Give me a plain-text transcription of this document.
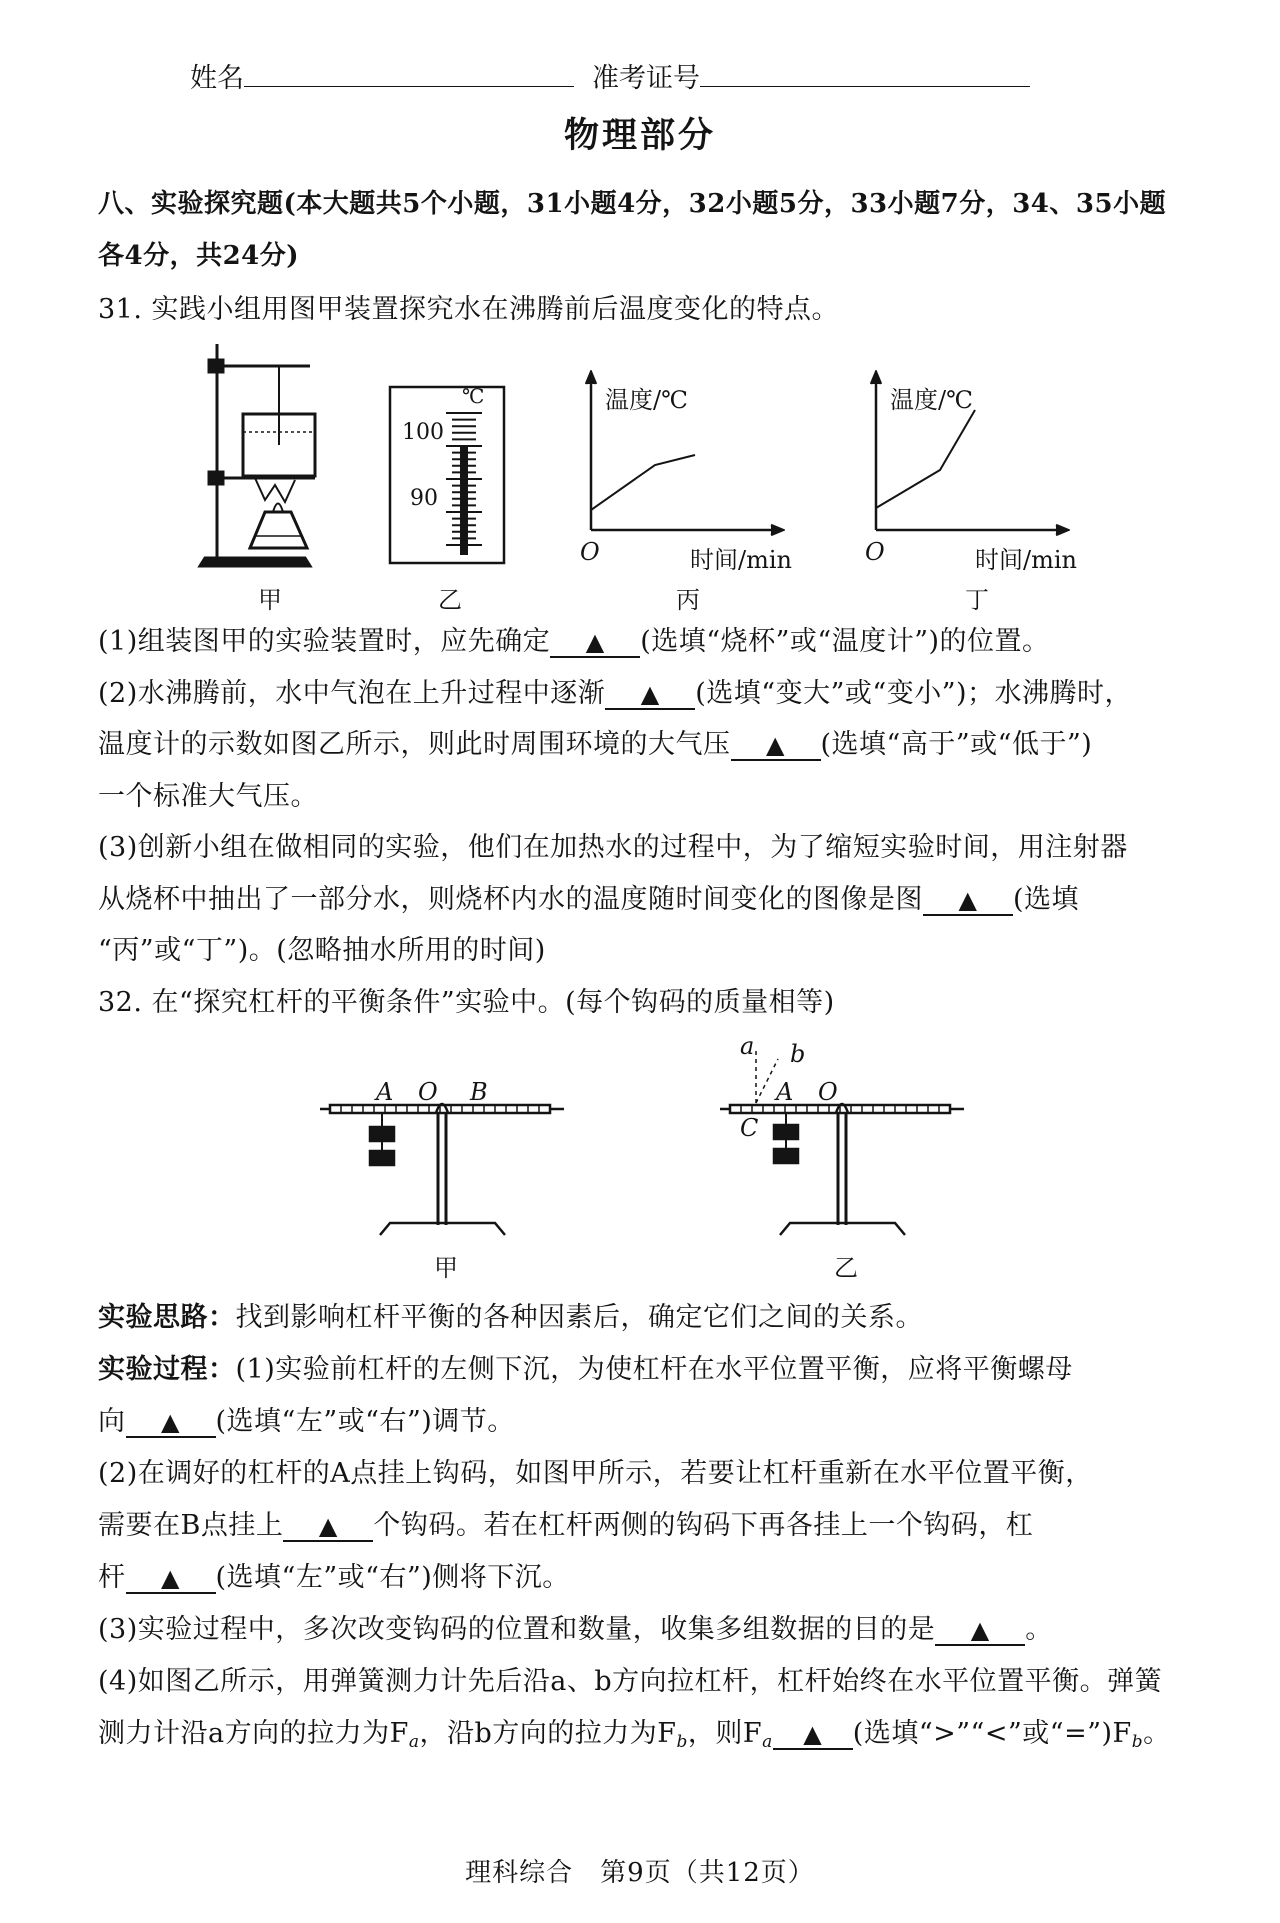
姓名	准考证号
物理部分
八、实验探究题(本大题共5个小题，31小题4分，32小题5分，33小题7分，34、35小题
各4分，共24分)
31. 实践小组用图甲装置探究水在沸腾前后温度变化的特点。
甲
℃
100
90
乙
温度/℃
O	时间/min
丙
温度/℃
O	时间/min
丁
(1)组装图甲的实验装置时，应先确定 ▲ (选填“烧杯”或“温度计”)的位置。
(2)水沸腾前，水中气泡在上升过程中逐渐 ▲ (选填“变大”或“变小”)；水沸腾时，
温度计的示数如图乙所示，则此时周围环境的大气压 ▲ (选填“高于”或“低于”)
一个标准大气压。
(3)创新小组在做相同的实验，他们在加热水的过程中，为了缩短实验时间，用注射器
从烧杯中抽出了一部分水，则烧杯内水的温度随时间变化的图像是图 ▲ (选填
“丙”或“丁”)。(忽略抽水所用的时间)
32. 在“探究杠杆的平衡条件”实验中。(每个钩码的质量相等)
A O B
甲
a b
A O
C
乙
实验思路：找到影响杠杆平衡的各种因素后，确定它们之间的关系。
实验过程：(1)实验前杠杆的左侧下沉，为使杠杆在水平位置平衡，应将平衡螺母
向 ▲ (选填“左”或“右”)调节。
(2)在调好的杠杆的A点挂上钩码，如图甲所示，若要让杠杆重新在水平位置平衡，
需要在B点挂上 ▲ 个钩码。若在杠杆两侧的钩码下再各挂上一个钩码，杠
杆 ▲ (选填“左”或“右”)侧将下沉。
(3)实验过程中，多次改变钩码的位置和数量，收集多组数据的目的是 ▲ 。
(4)如图乙所示，用弹簧测力计先后沿a、b方向拉杠杆，杠杆始终在水平位置平衡。弹簧
测力计沿a方向的拉力为$F_a$，沿b方向的拉力为$F_b$，则$F_a$ ▲ (选填“>”“<”或“$=”)F_b$。
理科综合　第9页（共12页）
